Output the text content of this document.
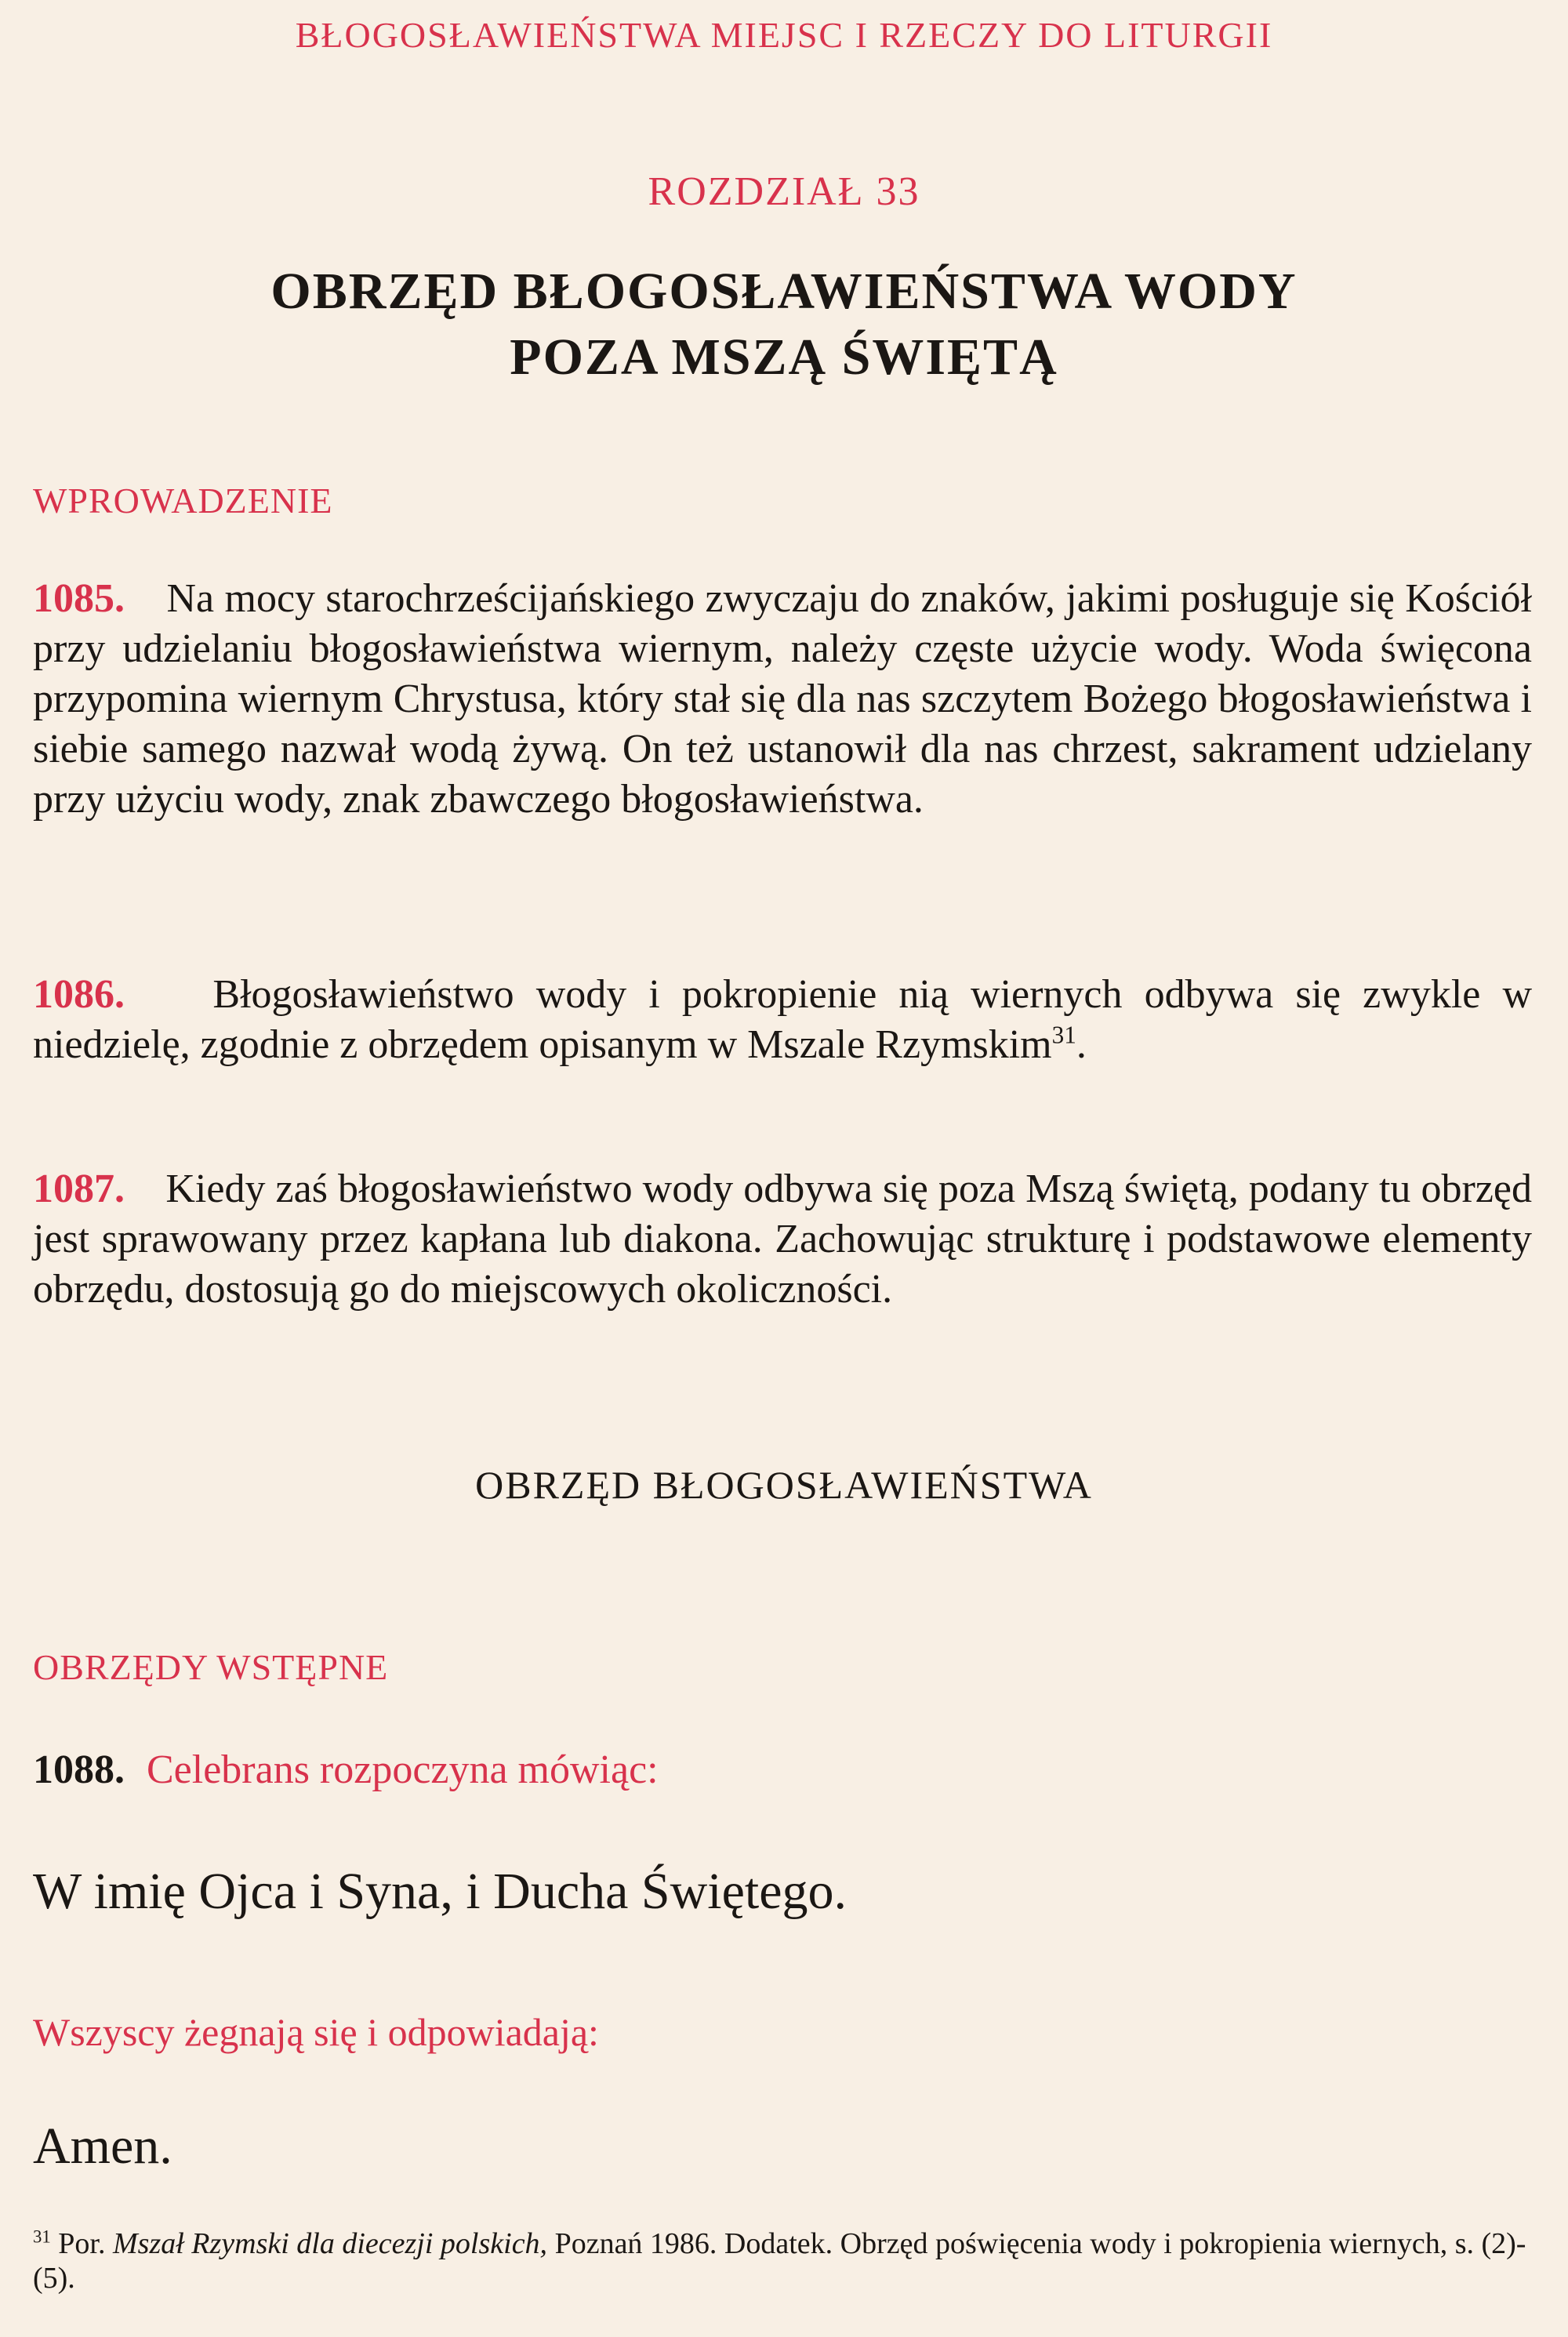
BŁOGOSŁAWIEŃSTWA MIEJSC I RZECZY DO LITURGII
ROZDZIAŁ 33
OBRZĘD BŁOGOSŁAWIEŃSTWA WODY
POZA MSZĄ ŚWIĘTĄ
WPROWADZENIE
1085. Na mocy starochrześcijańskiego zwyczaju do znaków, jakimi posługuje się Kościół przy udzielaniu błogosławieństwa wiernym, należy częste użycie wody. Woda święcona przypomina wiernym Chrystusa, który stał się dla nas szczytem Bożego błogosławieństwa i siebie samego nazwał wodą żywą. On też ustanowił dla nas chrzest, sakrament udzielany przy użyciu wody, znak zbawczego błogosławieństwa.
1086. Błogosławieństwo wody i pokropienie nią wiernych odbywa się zwykle w niedzielę, zgodnie z obrzędem opisanym w Mszale Rzymskim$^{31}$.
1087. Kiedy zaś błogosławieństwo wody odbywa się poza Mszą świętą, podany tu obrzęd jest sprawowany przez kapłana lub diakona. Zachowując strukturę i podstawowe elementy obrzędu, dostosują go do miejscowych okoliczności.
OBRZĘD BŁOGOSŁAWIEŃSTWA
OBRZĘDY WSTĘPNE
1088. Celebrans rozpoczyna mówiąc:
W imię Ojca i Syna, i Ducha Świętego.
Wszyscy żegnają się i odpowiadają:
Amen.
$^{31}$ Por. Mszał Rzymski dla diecezji polskich, Poznań 1986. Dodatek. Obrzęd poświęcenia wody i pokropienia wiernych, s. (2)-(5).
